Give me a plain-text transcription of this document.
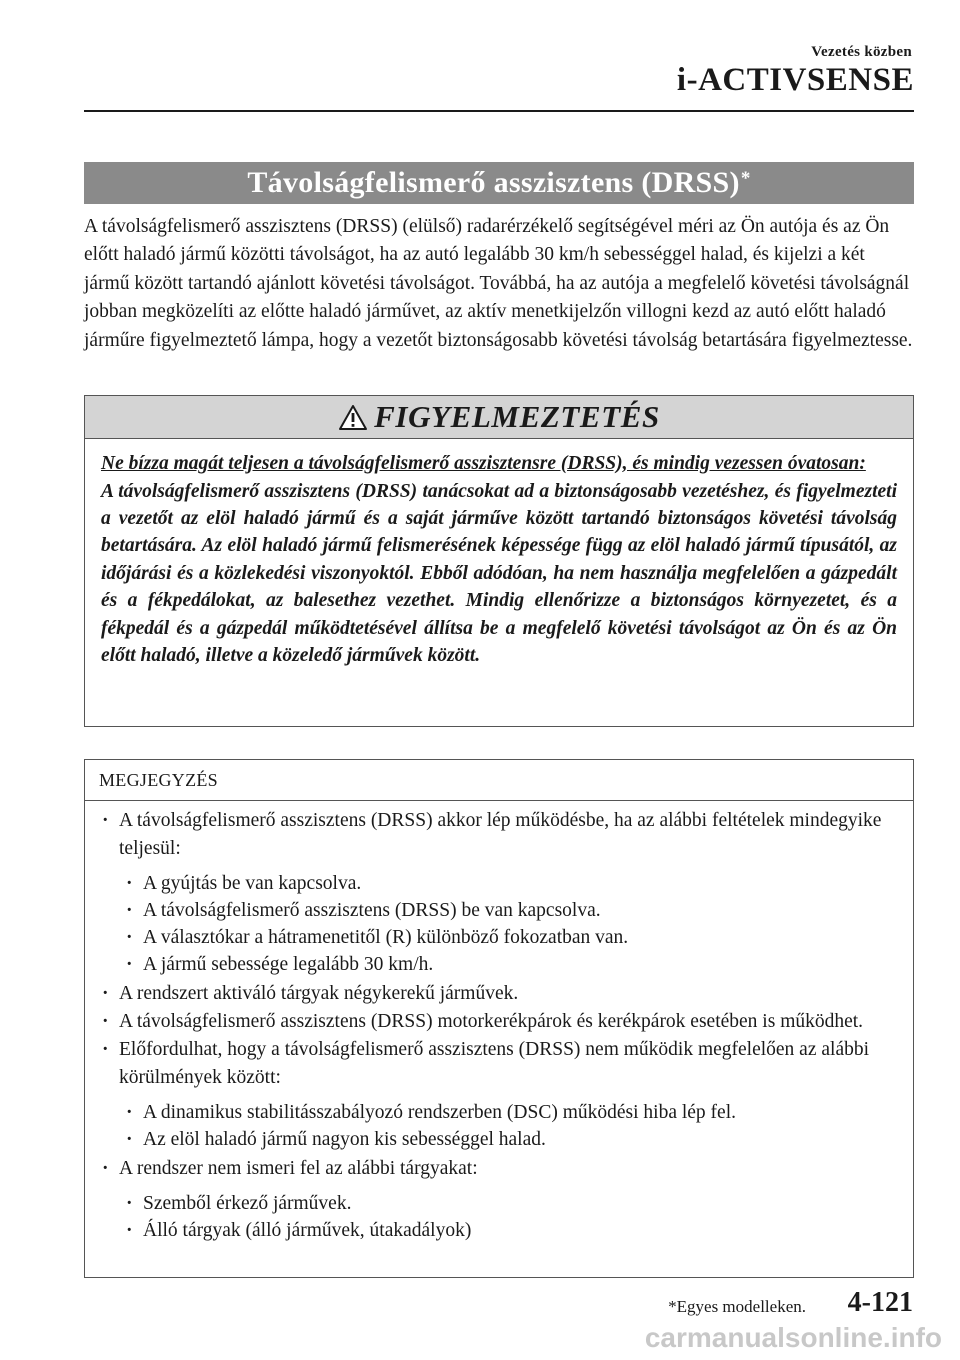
Vezetés közben
i-ACTIVSENSE
Távolságfelismerő asszisztens (DRSS)*

A távolságfelismerő asszisztens (DRSS) (elülső) radarérzékelő segítségével méri az Ön autója és az Ön előtt haladó jármű közötti távolságot, ha az autó legalább 30 km/h sebességgel halad, és kijelzi a két jármű között tartandó ajánlott követési távolságot. Továbbá, ha az autója a megfelelő követési távolságnál jobban megközelíti az előtte haladó járművet, az aktív menetkijelzőn villogni kezd az autó előtt haladó járműre figyelmeztető lámpa, hogy a vezetőt biztonságosabb követési távolság betartására figyelmeztesse.

FIGYELMEZTETÉS

Ne bízza magát teljesen a távolságfelismerő asszisztensre (DRSS), és mindig vezessen óvatosan:

A távolságfelismerő asszisztens (DRSS) tanácsokat ad a biztonságosabb vezetéshez, és figyelmezteti a vezetőt az elöl haladó jármű és a saját járműve között tartandó biztonságos követési távolság betartására. Az elöl haladó jármű felismerésének képessége függ az elöl haladó jármű típusától, az időjárási és a közlekedési viszonyoktól. Ebből adódóan, ha nem használja megfelelően a gázpedált és a fékpedálokat, az balesethez vezethet. Mindig ellenőrizze a biztonságos környezetet, és a fékpedál és a gázpedál működtetésével állítsa be a megfelelő követési távolságot az Ön és az Ön előtt haladó, illetve a közeledő járművek között.

MEGJEGYZÉS
· A távolságfelismerő asszisztens (DRSS) akkor lép működésbe, ha az alábbi feltételek mindegyike teljesül:
· A gyújtás be van kapcsolva.
· A távolságfelismerő asszisztens (DRSS) be van kapcsolva.
· A választókar a hátramenetitől (R) különböző fokozatban van.
· A jármű sebessége legalább 30 km/h.
· A rendszert aktiváló tárgyak négykerekű járművek.
· A távolságfelismerő asszisztens (DRSS) motorkerékpárok és kerékpárok esetében is működhet.
· Előfordulhat, hogy a távolságfelismerő asszisztens (DRSS) nem működik megfelelően az alábbi körülmények között:
· A dinamikus stabilitásszabályozó rendszerben (DSC) működési hiba lép fel.
· Az elöl haladó jármű nagyon kis sebességgel halad.
· A rendszer nem ismeri fel az alábbi tárgyakat:
· Szemből érkező járművek.
· Álló tárgyak (álló járművek, útakadályok)
*Egyes modelleken. 4-121
carmanualsonline.info
